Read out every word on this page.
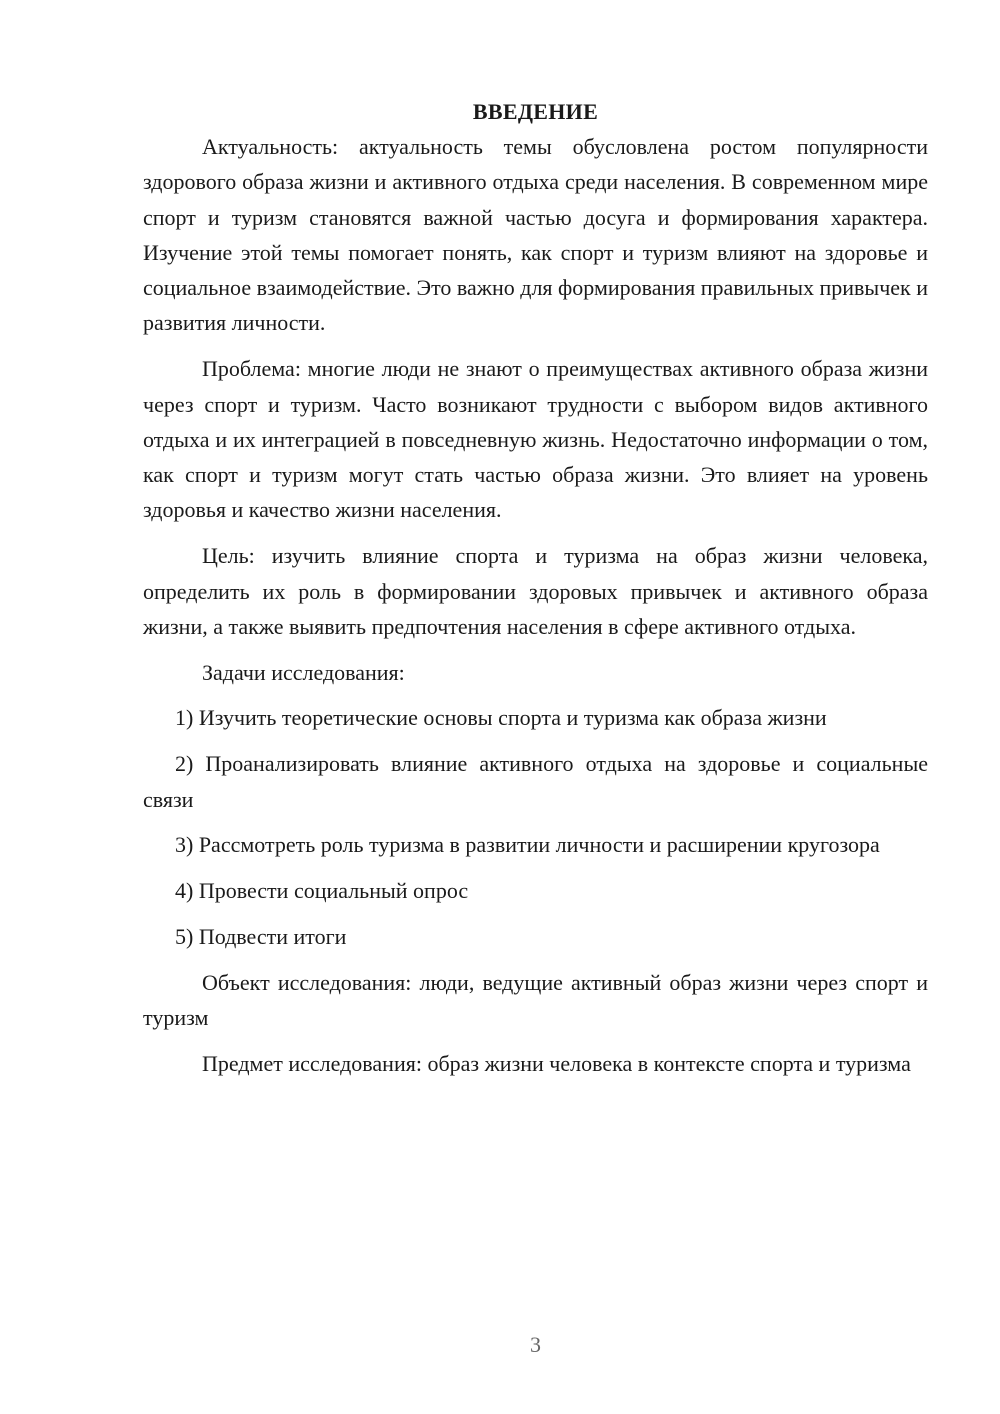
ВВЕДЕНИЕ

Актуальность: актуальность темы обусловлена ростом популярности здорового образа жизни и активного отдыха среди населения. В современном мире спорт и туризм становятся важной частью досуга и формирования характера. Изучение этой темы помогает понять, как спорт и туризм влияют на здоровье и социальное взаимодействие. Это важно для формирования правильных привычек и развития личности.

Проблема: многие люди не знают о преимуществах активного образа жизни через спорт и туризм. Часто возникают трудности с выбором видов активного отдыха и их интеграцией в повседневную жизнь. Недостаточно информации о том, как спорт и туризм могут стать частью образа жизни. Это влияет на уровень здоровья и качество жизни населения.

Цель: изучить влияние спорта и туризма на образ жизни человека, определить их роль в формировании здоровых привычек и активного образа жизни, а также выявить предпочтения населения в сфере активного отдыха.

Задачи исследования:

1) Изучить теоретические основы спорта и туризма как образа жизни

2) Проанализировать влияние активного отдыха на здоровье и социальные связи

3) Рассмотреть роль туризма в развитии личности и расширении кругозора

4) Провести социальный опрос

5) Подвести итоги

Объект исследования: люди, ведущие активный образ жизни через спорт и туризм

Предмет исследования: образ жизни человека в контексте спорта и туризма

3
